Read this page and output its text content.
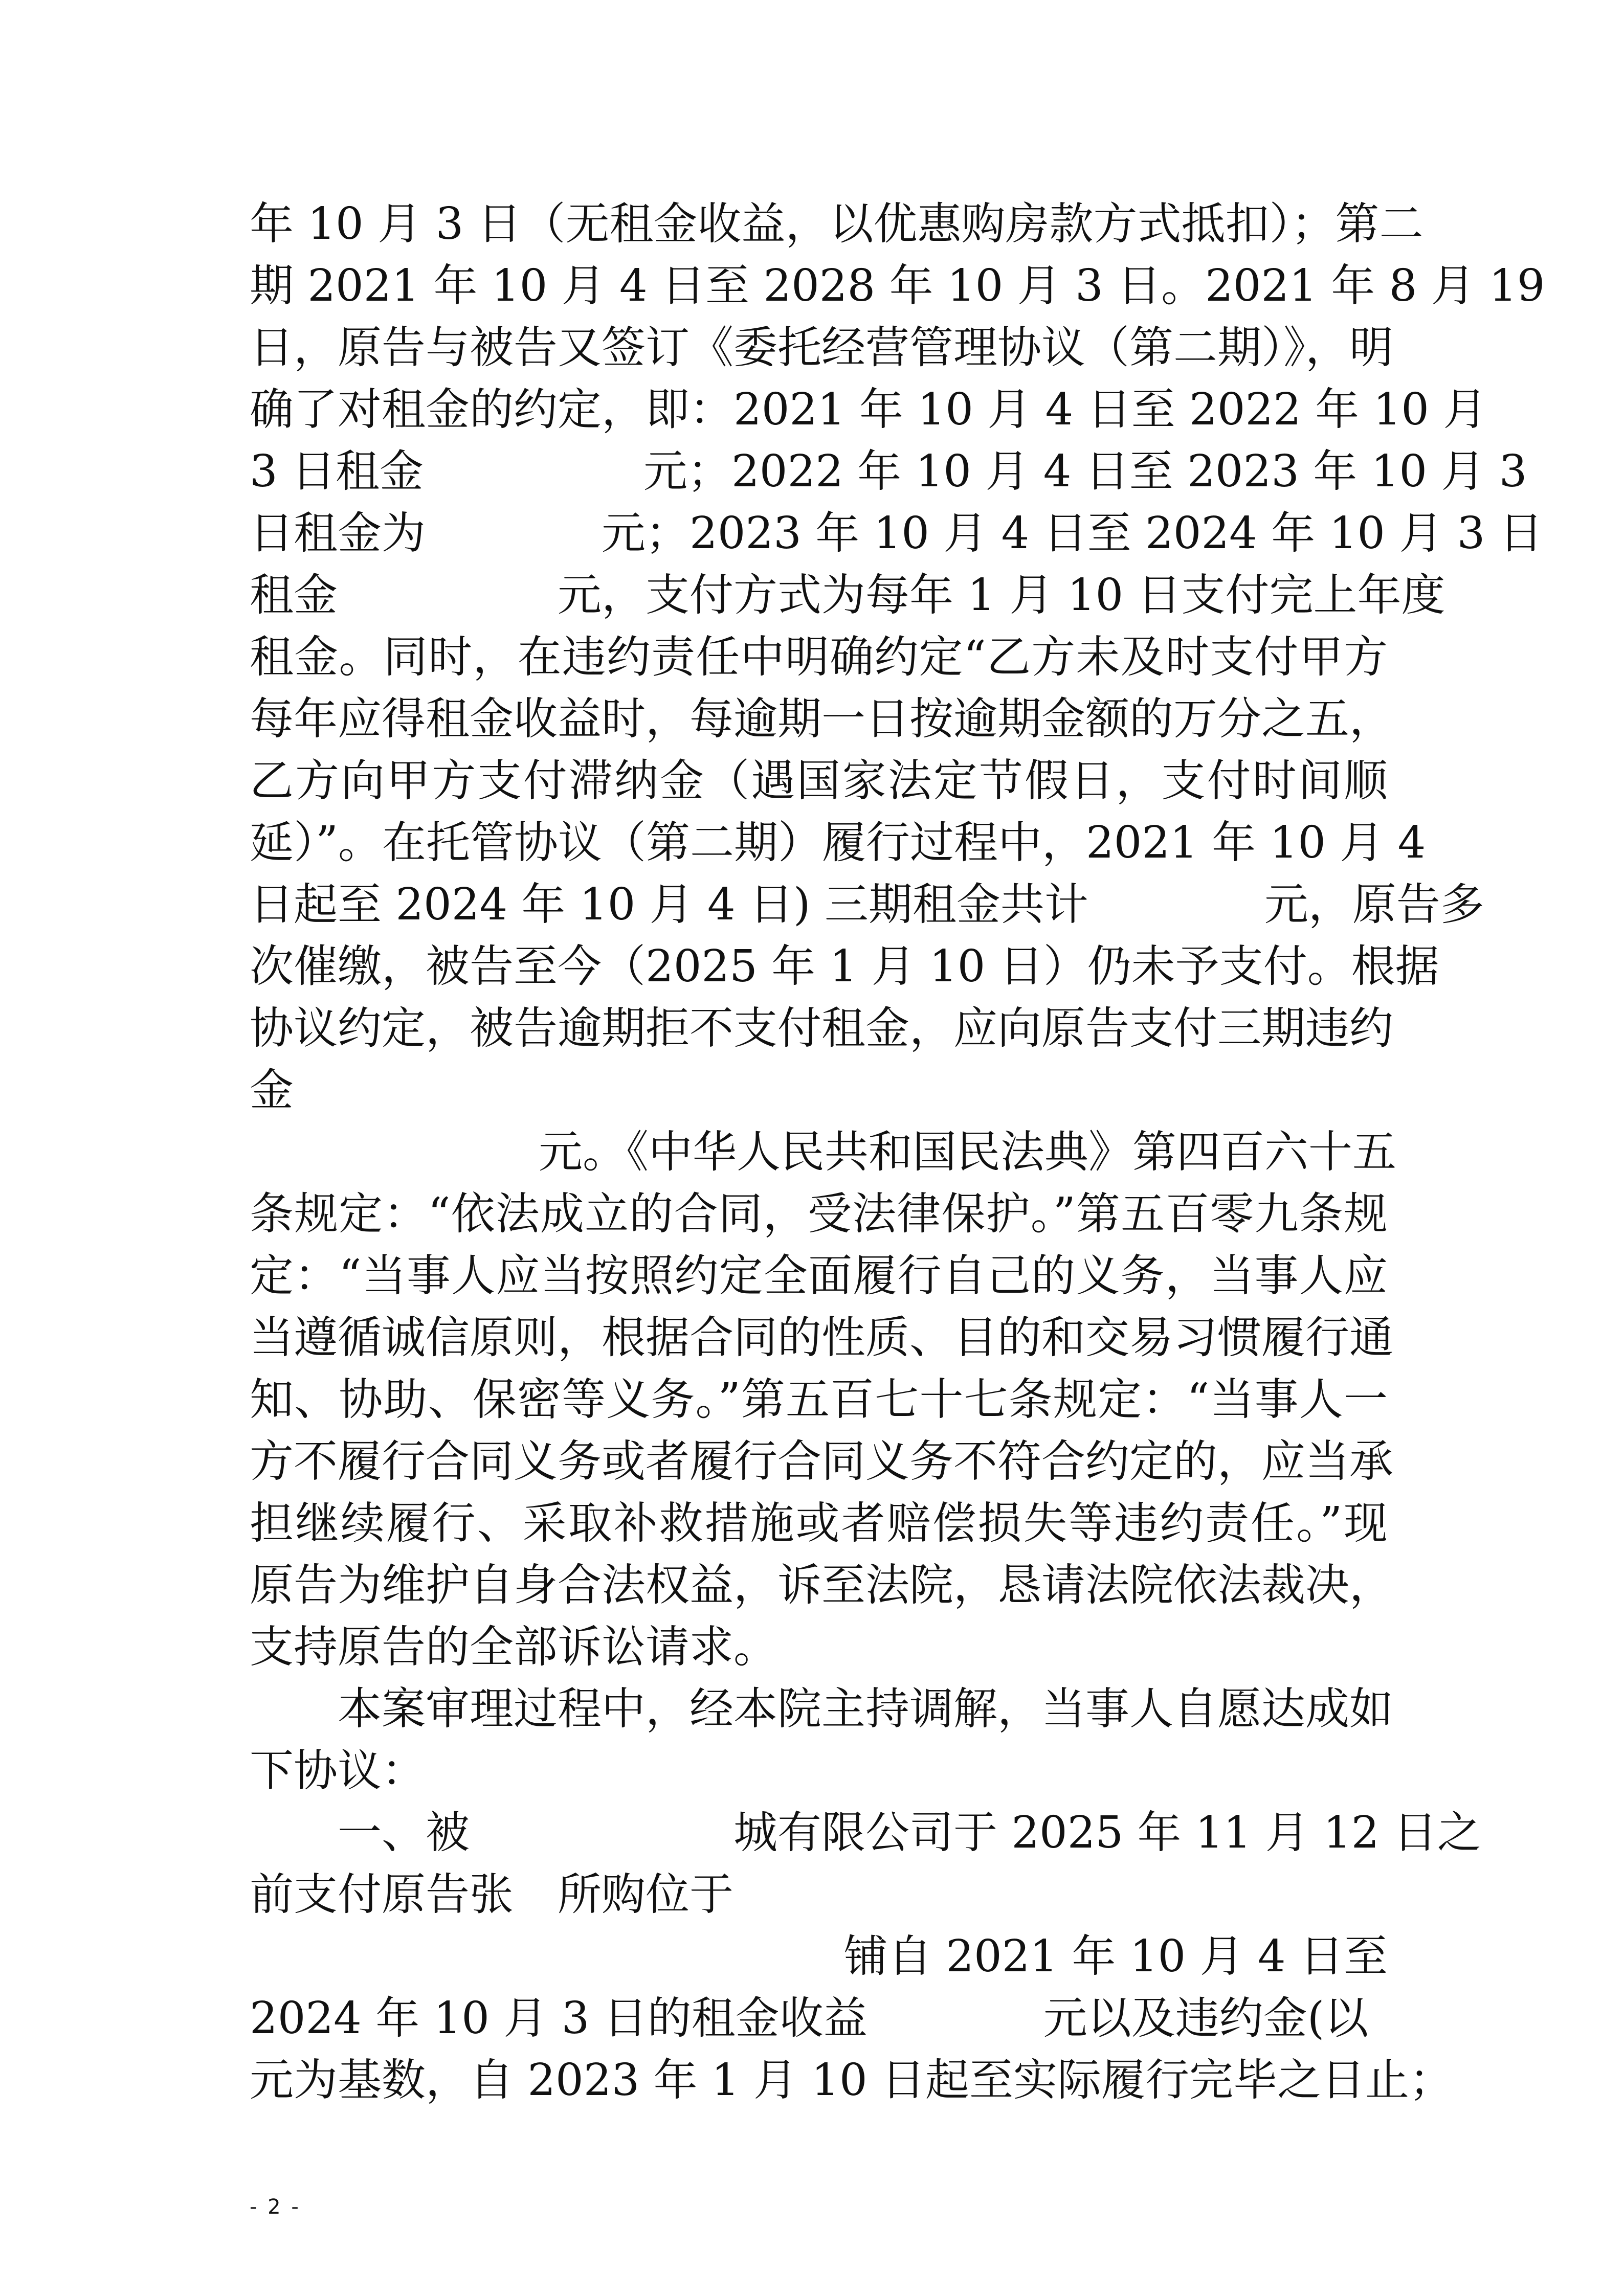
年 10 月 3 日（无租金收益，以优惠购房款方式抵扣）；第二
期 2021 年 10 月 4 日至 2028 年 10 月 3 日。2021 年 8 月 19
日，原告与被告又签订《委托经营管理协议（第二期）》，明
确了对租金的约定，即：2021 年 10 月 4 日至 2022 年 10 月
3 日租金　　　　　元；2022 年 10 月 4 日至 2023 年 10 月 3
日租金为　　　　元；2023 年 10 月 4 日至 2024 年 10 月 3 日
租金　　　　　元，支付方式为每年 1 月 10 日支付完上年度
租金。同时，在违约责任中明确约定“乙方未及时支付甲方
每年应得租金收益时，每逾期一日按逾期金额的万分之五，
乙方向甲方支付滞纳金（遇国家法定节假日，支付时间顺
延）”。在托管协议（第二期）履行过程中，2021 年 10 月 4
日起至 2024 年 10 月 4 日) 三期租金共计　　　　元，原告多
次催缴，被告至今（2025 年 1 月 10 日）仍未予支付。根据
协议约定，被告逾期拒不支付租金，应向原告支付三期违约
金
元。《中华人民共和国民法典》第四百六十五
条规定：“依法成立的合同，受法律保护。”第五百零九条规
定：“当事人应当按照约定全面履行自己的义务，当事人应
当遵循诚信原则，根据合同的性质、目的和交易习惯履行通
知、协助、保密等义务。”第五百七十七条规定：“当事人一
方不履行合同义务或者履行合同义务不符合约定的，应当承
担继续履行、采取补救措施或者赔偿损失等违约责任。”现
原告为维护自身合法权益，诉至法院，恳请法院依法裁决，
支持原告的全部诉讼请求。
本案审理过程中，经本院主持调解，当事人自愿达成如
下协议：
一、被　　　　　　城有限公司于 2025 年 11 月 12 日之
前支付原告张　所购位于
铺自 2021 年 10 月 4 日至
2024 年 10 月 3 日的租金收益　　　　元以及违约金(以
元为基数，自 2023 年 1 月 10 日起至实际履行完毕之日止；
- 2 -
